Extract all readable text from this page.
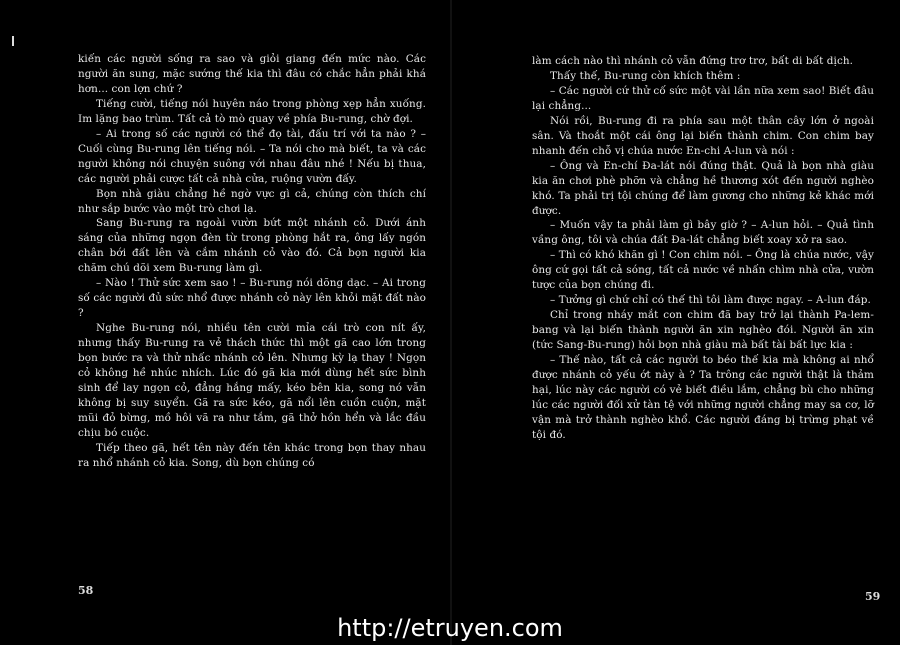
kiến các người sống ra sao và giỏi giang đến mức nào. Các người ăn sung, mặc sướng thế kia thì đâu có chắc hẳn phải khá hơn... con lợn chứ ?

Tiếng cười, tiếng nói huyên náo trong phòng xẹp hẳn xuống. Im lặng bao trùm. Tất cả tò mò quay về phía Bu-rung, chờ đợi.

– Ai trong số các người có thể đọ tài, đấu trí với ta nào ? – Cuối cùng Bu-rung lên tiếng nói. – Ta nói cho mà biết, ta và các người không nói chuyện suông với nhau đâu nhé ! Nếu bị thua, các người phải cược tất cả nhà cửa, ruộng vườn đấy.

Bọn nhà giàu chẳng hề ngờ vực gì cả, chúng còn thích chí như sắp bước vào một trò chơi lạ.

Sang Bu-rung ra ngoài vườn bứt một nhánh cỏ. Dưới ánh sáng của những ngọn đèn từ trong phòng hắt ra, ông lấy ngón chân bới đất lên và cắm nhánh cỏ vào đó. Cả bọn người kia chăm chú dõi xem Bu-rung làm gì.

– Nào ! Thử sức xem sao ! – Bu-rung nói dõng dạc. – Ai trong số các người đủ sức nhổ được nhánh cỏ này lên khỏi mặt đất nào ?

Nghe Bu-rung nói, nhiều tên cười mỉa cái trò con nít ấy, nhưng thấy Bu-rung ra vẻ thách thức thì một gã cao lớn trong bọn bước ra và thử nhấc nhánh cỏ lên. Nhưng kỳ lạ thay ! Ngọn cỏ không hề nhúc nhích. Lúc đó gã kia mới dùng hết sức bình sinh để lay ngọn cỏ, đẳng hắng mấy, kéo bên kia, song nó vẫn không bị suy suyển. Gã ra sức kéo, gã nổi lên cuồn cuộn, mặt mũi đỏ bừng, mồ hôi vã ra như tắm, gã thở hồn hển và lắc đầu chịu bó cuộc.

Tiếp theo gã, hết tên này đến tên khác trong bọn thay nhau ra nhổ nhánh cỏ kia. Song, dù bọn chúng có

58

làm cách nào thì nhánh cỏ vẫn đứng trơ trơ, bất di bất dịch.

Thấy thế, Bu-rung còn khích thêm :

– Các người cứ thử cố sức một vài lần nữa xem sao! Biết đâu lại chẳng...

Nói rồi, Bu-rung đi ra phía sau một thân cây lớn ở ngoài sân. Và thoắt một cái ông lại biến thành chim. Con chim bay nhanh đến chỗ vị chúa nước En-chi A-lun và nói :

– Ông và En-chí Đa-lát nói đúng thật. Quả là bọn nhà giàu kia ăn chơi phè phỡn và chẳng hề thương xót đến người nghèo khó. Ta phải trị tội chúng để làm gương cho những kẻ khác mới được.

– Muốn vậy ta phải làm gì bây giờ ? – A-lun hỏi. – Quả tình vầng ông, tôi và chúa đất Đa-lát chẳng biết xoay xở ra sao.

– Thì có khó khăn gì ! Con chim nói. – Ông là chúa nước, vậy ông cứ gọi tất cả sóng, tất cả nước về nhấn chìm nhà cửa, vườn tược của bọn chúng đi.

– Tưởng gì chứ chỉ có thế thì tôi làm được ngay. – A-lun đáp.

Chỉ trong nháy mắt con chim đã bay trở lại thành Pa-lem-bang và lại biến thành người ăn xin nghèo đói. Người ăn xin (tức Sang-Bu-rung) hỏi bọn nhà giàu mà bất tài bất lực kia :

– Thế nào, tất cả các người to béo thế kia mà không ai nhổ được nhánh cỏ yếu ớt này à ? Ta trông các người thật là thảm hại, lúc này các người có vẻ biết điều lắm, chẳng bù cho những lúc các người đối xử tàn tệ với những người chẳng may sa cơ, lỡ vận mà trở thành nghèo khổ. Các người đáng bị trừng phạt về tội đó.

59
http://etruyen.com
